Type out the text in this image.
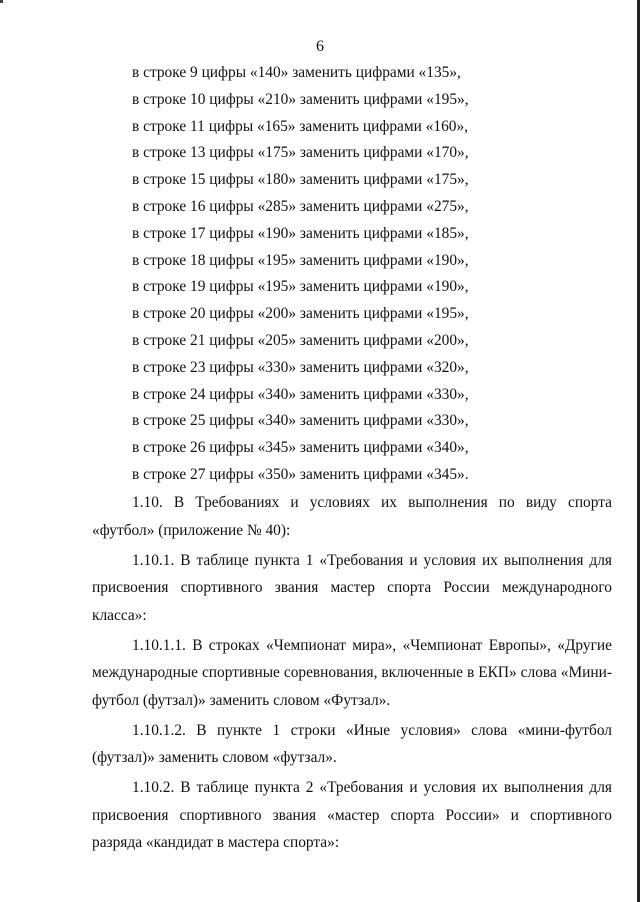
6
в строке 9 цифры «140» заменить цифрами «135»,
в строке 10 цифры «210» заменить цифрами «195»,
в строке 11 цифры «165» заменить цифрами «160»,
в строке 13 цифры «175» заменить цифрами «170»,
в строке 15 цифры «180» заменить цифрами «175»,
в строке 16 цифры «285» заменить цифрами «275»,
в строке 17 цифры «190» заменить цифрами «185»,
в строке 18 цифры «195» заменить цифрами «190»,
в строке 19 цифры «195» заменить цифрами «190»,
в строке 20 цифры «200» заменить цифрами «195»,
в строке 21 цифры «205» заменить цифрами «200»,
в строке 23 цифры «330» заменить цифрами «320»,
в строке 24 цифры «340» заменить цифрами «330»,
в строке 25 цифры «340» заменить цифрами «330»,
в строке 26 цифры «345» заменить цифрами «340»,
в строке 27 цифры «350» заменить цифрами «345».

1.10. В Требованиях и условиях их выполнения по виду спорта «футбол» (приложение № 40):

1.10.1. В таблице пункта 1 «Требования и условия их выполнения для присвоения спортивного звания мастер спорта России международного класса»:

1.10.1.1. В строках «Чемпионат мира», «Чемпионат Европы», «Другие международные спортивные соревнования, включенные в ЕКП» слова «Мини-футбол (футзал)» заменить словом «Футзал».

1.10.1.2. В пункте 1 строки «Иные условия» слова «мини-футбол (футзал)» заменить словом «футзал».

1.10.2. В таблице пункта 2 «Требования и условия их выполнения для присвоения спортивного звания «мастер спорта России» и спортивного разряда «кандидат в мастера спорта»:
